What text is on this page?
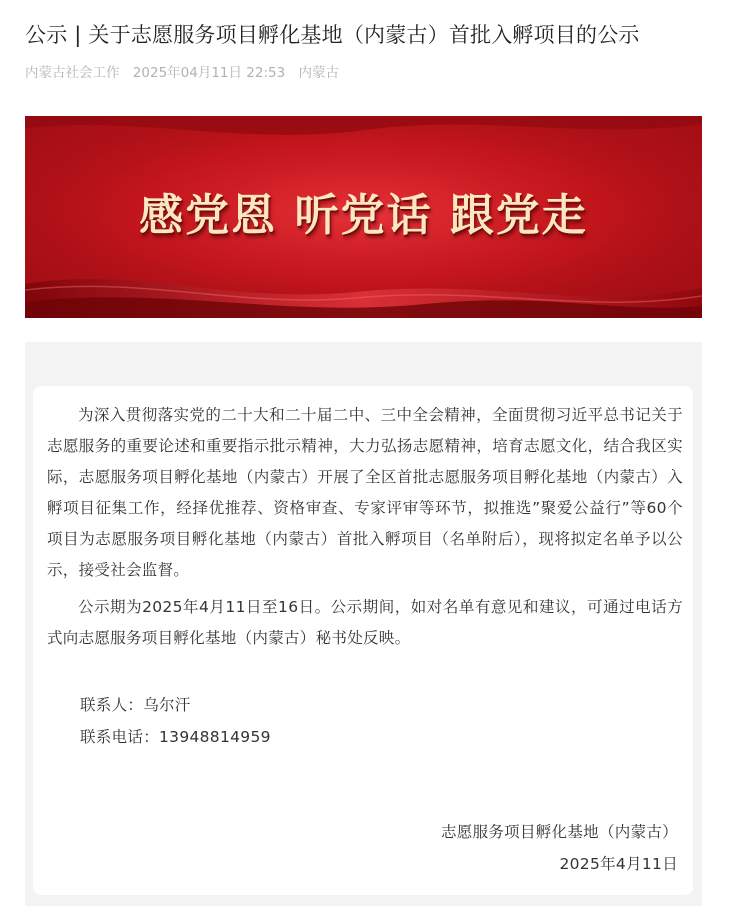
公示 | 关于志愿服务项目孵化基地（内蒙古）首批入孵项目的公示
内蒙古社会工作 2025年04月11日 22:53 内蒙古
感党恩 听党话 跟党走
为深入贯彻落实党的二十大和二十届二中、三中全会精神，全面贯彻习近平总书记关于志愿服务的重要论述和重要指示批示精神，大力弘扬志愿精神，培育志愿文化，结合我区实际，志愿服务项目孵化基地（内蒙古）开展了全区首批志愿服务项目孵化基地（内蒙古）入孵项目征集工作，经择优推荐、资格审查、专家评审等环节，拟推选”聚爱公益行”等60个项目为志愿服务项目孵化基地（内蒙古）首批入孵项目（名单附后），现将拟定名单予以公示，接受社会监督。
公示期为2025年4月11日至16日。公示期间，如对名单有意见和建议，可通过电话方式向志愿服务项目孵化基地（内蒙古）秘书处反映。
联系人：乌尔汗
联系电话：13948814959
志愿服务项目孵化基地（内蒙古）
2025年4月11日
